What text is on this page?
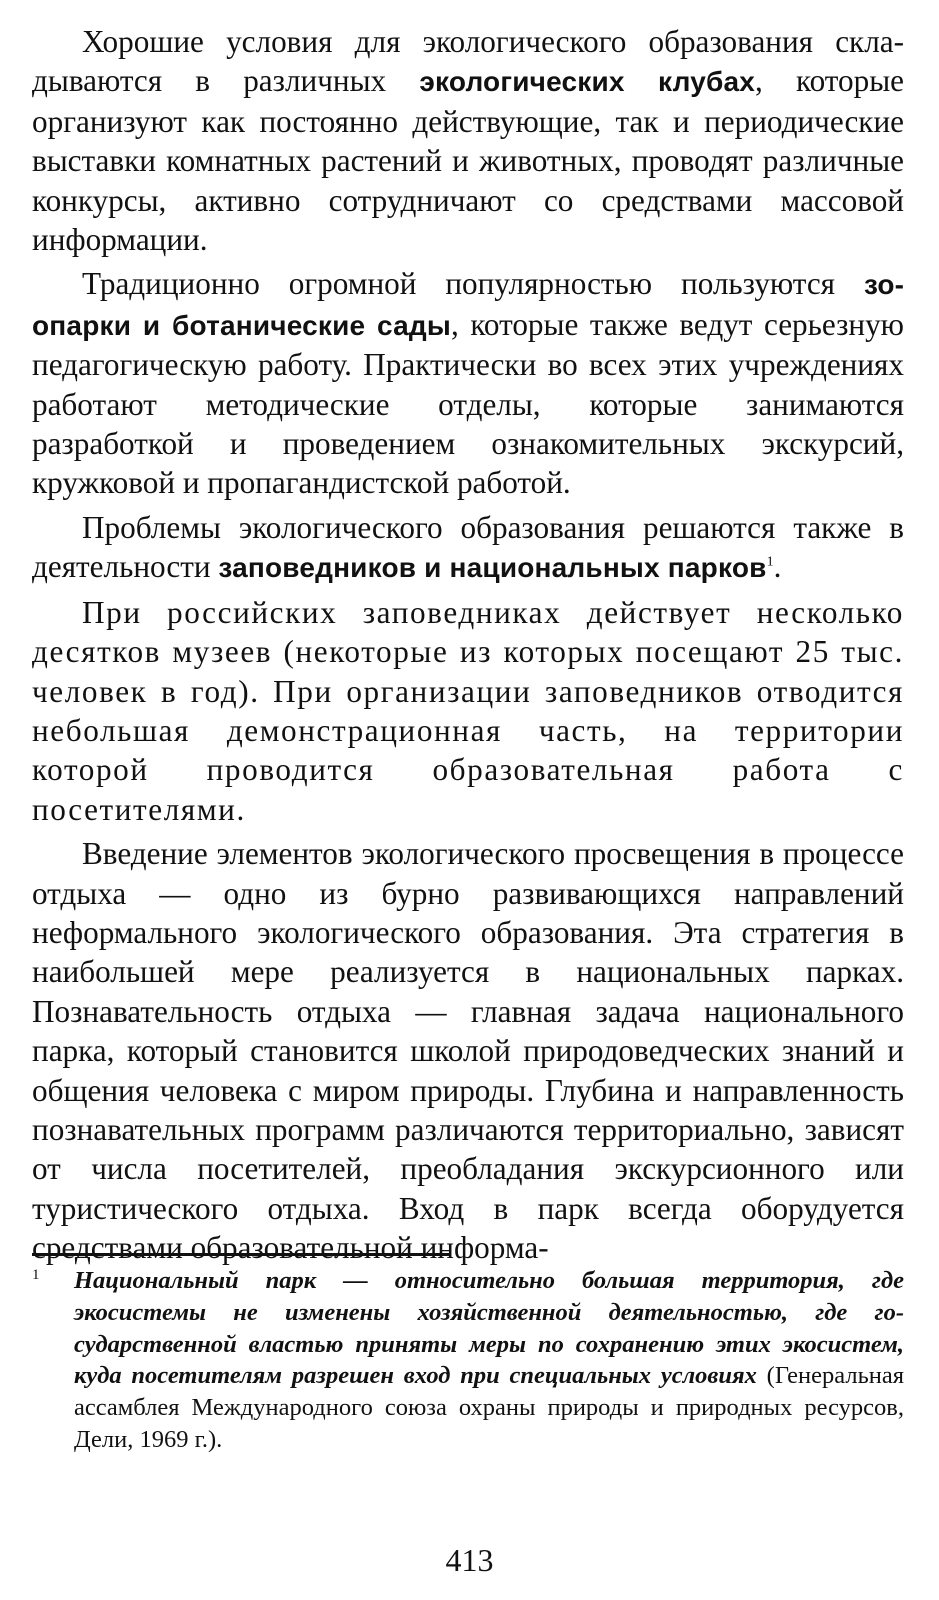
Хорошие условия для экологического образования складываются в различных экологических клубах, которые организуют как постоянно действующие, так и периодические выставки комнатных растений и животных, проводят различные конкурсы, активно сотрудничают со средствами массовой информации.

Традиционно огромной популярностью пользуются зоопарки и ботанические сады, которые также ведут серьезную педагогическую работу. Практически во всех этих учреждениях работают методические отделы, которые занимаются разработкой и проведением ознакомительных экскурсий, кружковой и пропагандистской работой.

Проблемы экологического образования решаются также в деятельности заповедников и национальных парков$^1$.

При российских заповедниках действует несколько десятков музеев (некоторые из которых посещают 25 тыс. человек в год). При организации заповедников отводится небольшая демонстрационная часть, на территории которой проводится образовательная работа с посетителями.

Введение элементов экологического просвещения в процессе отдыха — одно из бурно развивающихся направлений неформального экологического образования. Эта стратегия в наибольшей мере реализуется в национальных парках. Познавательность отдыха — главная задача национального парка, который становится школой природоведческих знаний и общения человека с миром природы. Глубина и направленность познавательных программ различаются территориально, зависят от числа посетителей, преобладания экскурсионного или туристического отдыха. Вход в парк всегда оборудуется средствами образовательной информа-

1 Национальный парк — относительно большая территория, где экосистемы не изменены хозяйственной деятельностью, где государственной властью приняты меры по сохранению этих экосистем, куда посетителям разрешен вход при специальных условиях (Генеральная ассамблея Международного союза охраны природы и природных ресурсов, Дели, 1969 г.).

413
